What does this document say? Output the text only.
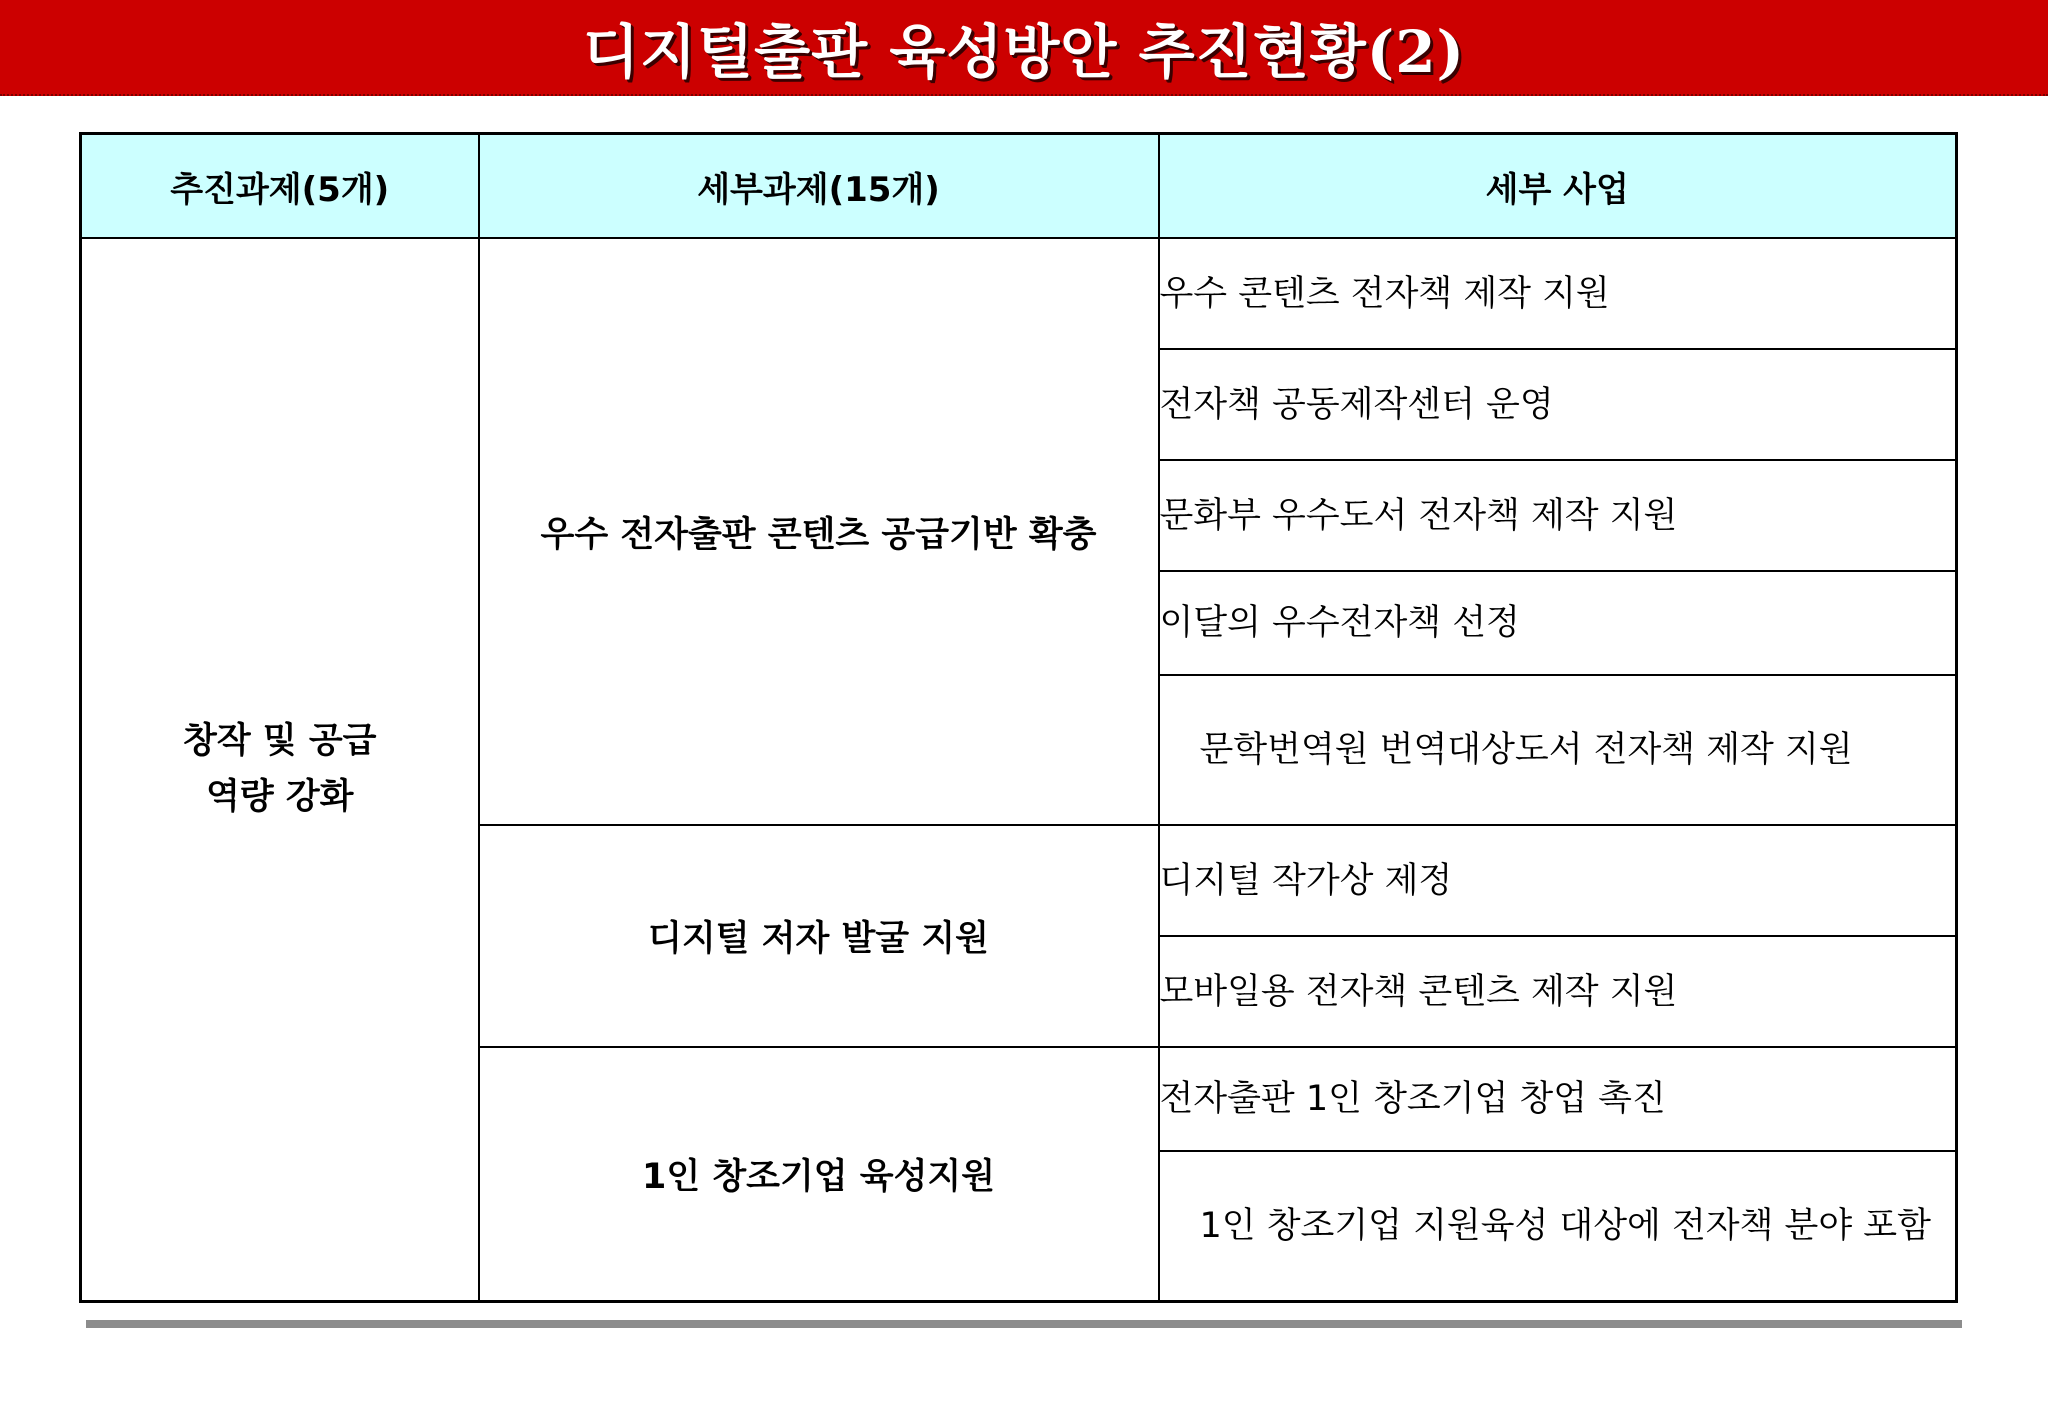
디지털출판 육성방안 추진현황(2)
추진과제(5개)	세부과제(15개)	세부 사업

창작 및 공급
역량 강화	우수 전자출판 콘텐츠 공급기반 확충	우수 콘텐츠 전자책 제작 지원
		전자책 공동제작센터 운영
		문화부 우수도서 전자책 제작 지원
		이달의 우수전자책 선정
		문학번역원 번역대상도서 전자책 제작 지원
	디지털 저자 발굴 지원	디지털 작가상 제정
		모바일용 전자책 콘텐츠 제작 지원
	1인 창조기업 육성지원	전자출판 1인 창조기업 창업 촉진

		1인 창조기업 지원육성 대상에 전자책 분야 포함
